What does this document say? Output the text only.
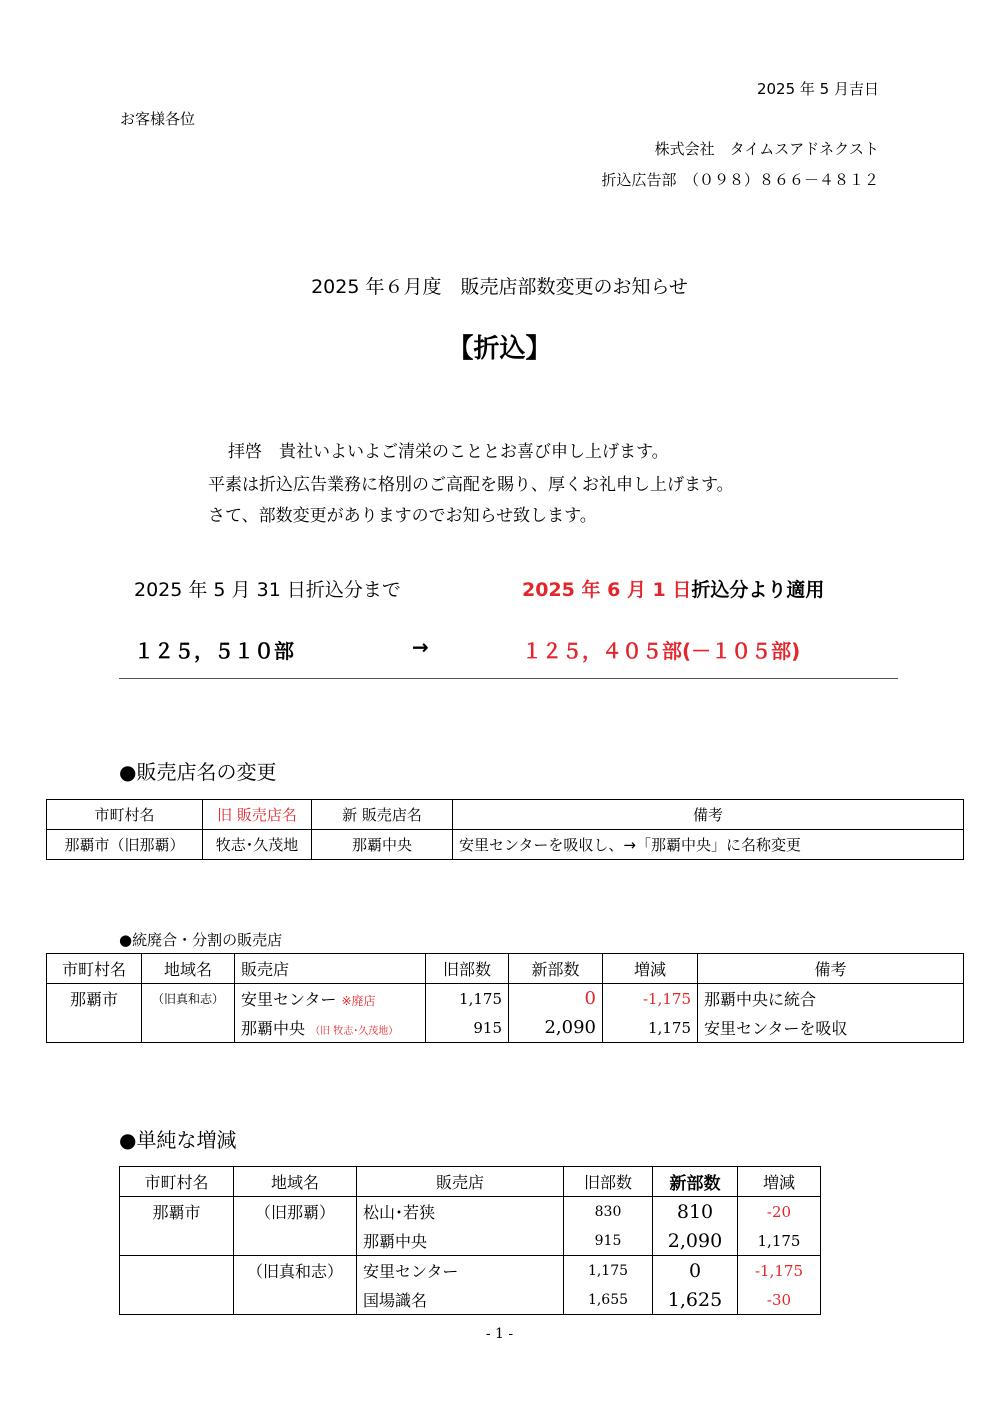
2025 年 5 月吉日
お客様各位
株式会社　タイムスアドネクスト
折込広告部　（０９８）８６６－４８１２
2025 年６月度　販売店部数変更のお知らせ
【折込】
拝啓　貴社いよいよご清栄のこととお喜び申し上げます。
平素は折込広告業務に格別のご高配を賜り、厚くお礼申し上げます。
さて、部数変更がありますのでお知らせ致します。
2025 年 5 月 31 日折込分まで	2025 年 6 月 1 日折込分より適用
１２５，５１０部	→	１２５，４０５部(－１０５部)
●販売店名の変更
市町村名	旧 販売店名	新 販売店名	備考
那覇市（旧那覇）	牧志･久茂地	那覇中央	安里センターを吸収し、→「那覇中央」に名称変更
●統廃合・分割の販売店
市町村名	地域名	販売店	旧部数	新部数	増減	備考
那覇市	（旧真和志）	安里センター ※廃店	1,175	0	-1,175	那覇中央に統合
		那覇中央 （旧 牧志･久茂地）	915	2,090	1,175	安里センターを吸収
●単純な増減
市町村名	地域名	販売店	旧部数	新部数	増減
那覇市	（旧那覇）	松山･若狭	830	810	-20
		那覇中央	915	2,090	1,175
	（旧真和志）	安里センター	1,175	0	-1,175
		国場識名	1,655	1,625	-30
- 1 -
